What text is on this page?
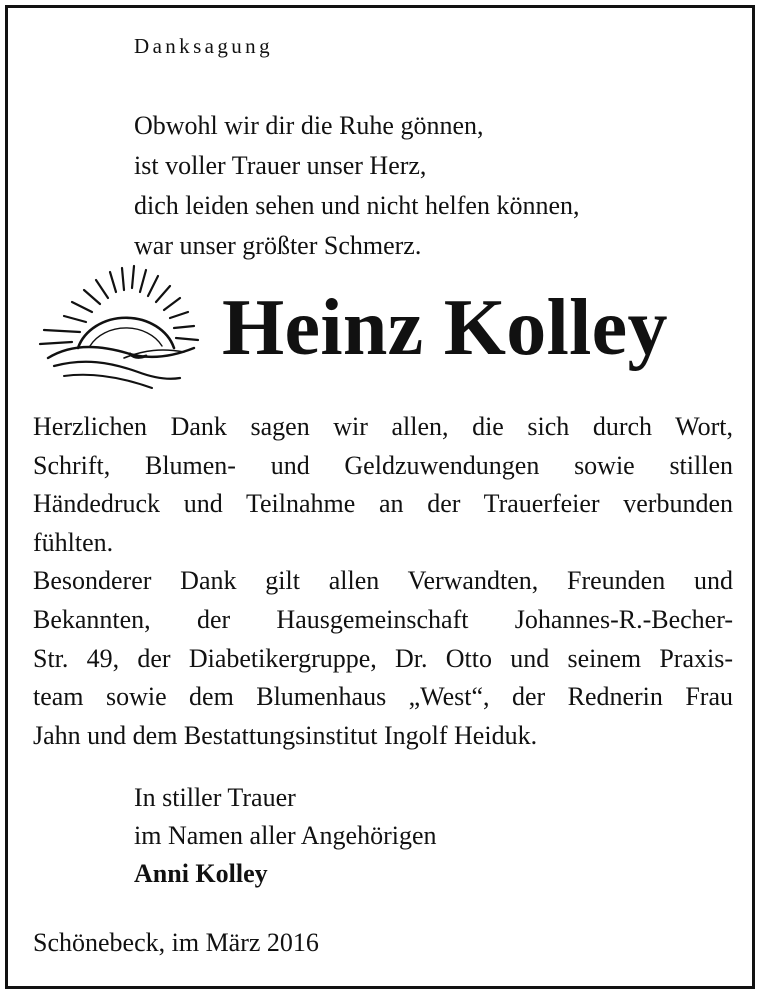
Danksagung
Obwohl wir dir die Ruhe gönnen,
ist voller Trauer unser Herz,
dich leiden sehen und nicht helfen können,
war unser größter Schmerz.
Heinz Kolley
Herzlichen Dank sagen wir allen, die sich durch Wort,
Schrift, Blumen- und Geldzuwendungen sowie stillen
Händedruck und Teilnahme an der Trauerfeier verbunden
fühlten.
Besonderer Dank gilt allen Verwandten, Freunden und
Bekannten, der Hausgemeinschaft Johannes-R.-Becher-
Str. 49, der Diabetikergruppe, Dr. Otto und seinem Praxis-
team sowie dem Blumenhaus „West“, der Rednerin Frau
Jahn und dem Bestattungsinstitut Ingolf Heiduk.
In stiller Trauer
im Namen aller Angehörigen
Anni Kolley
Schönebeck, im März 2016
